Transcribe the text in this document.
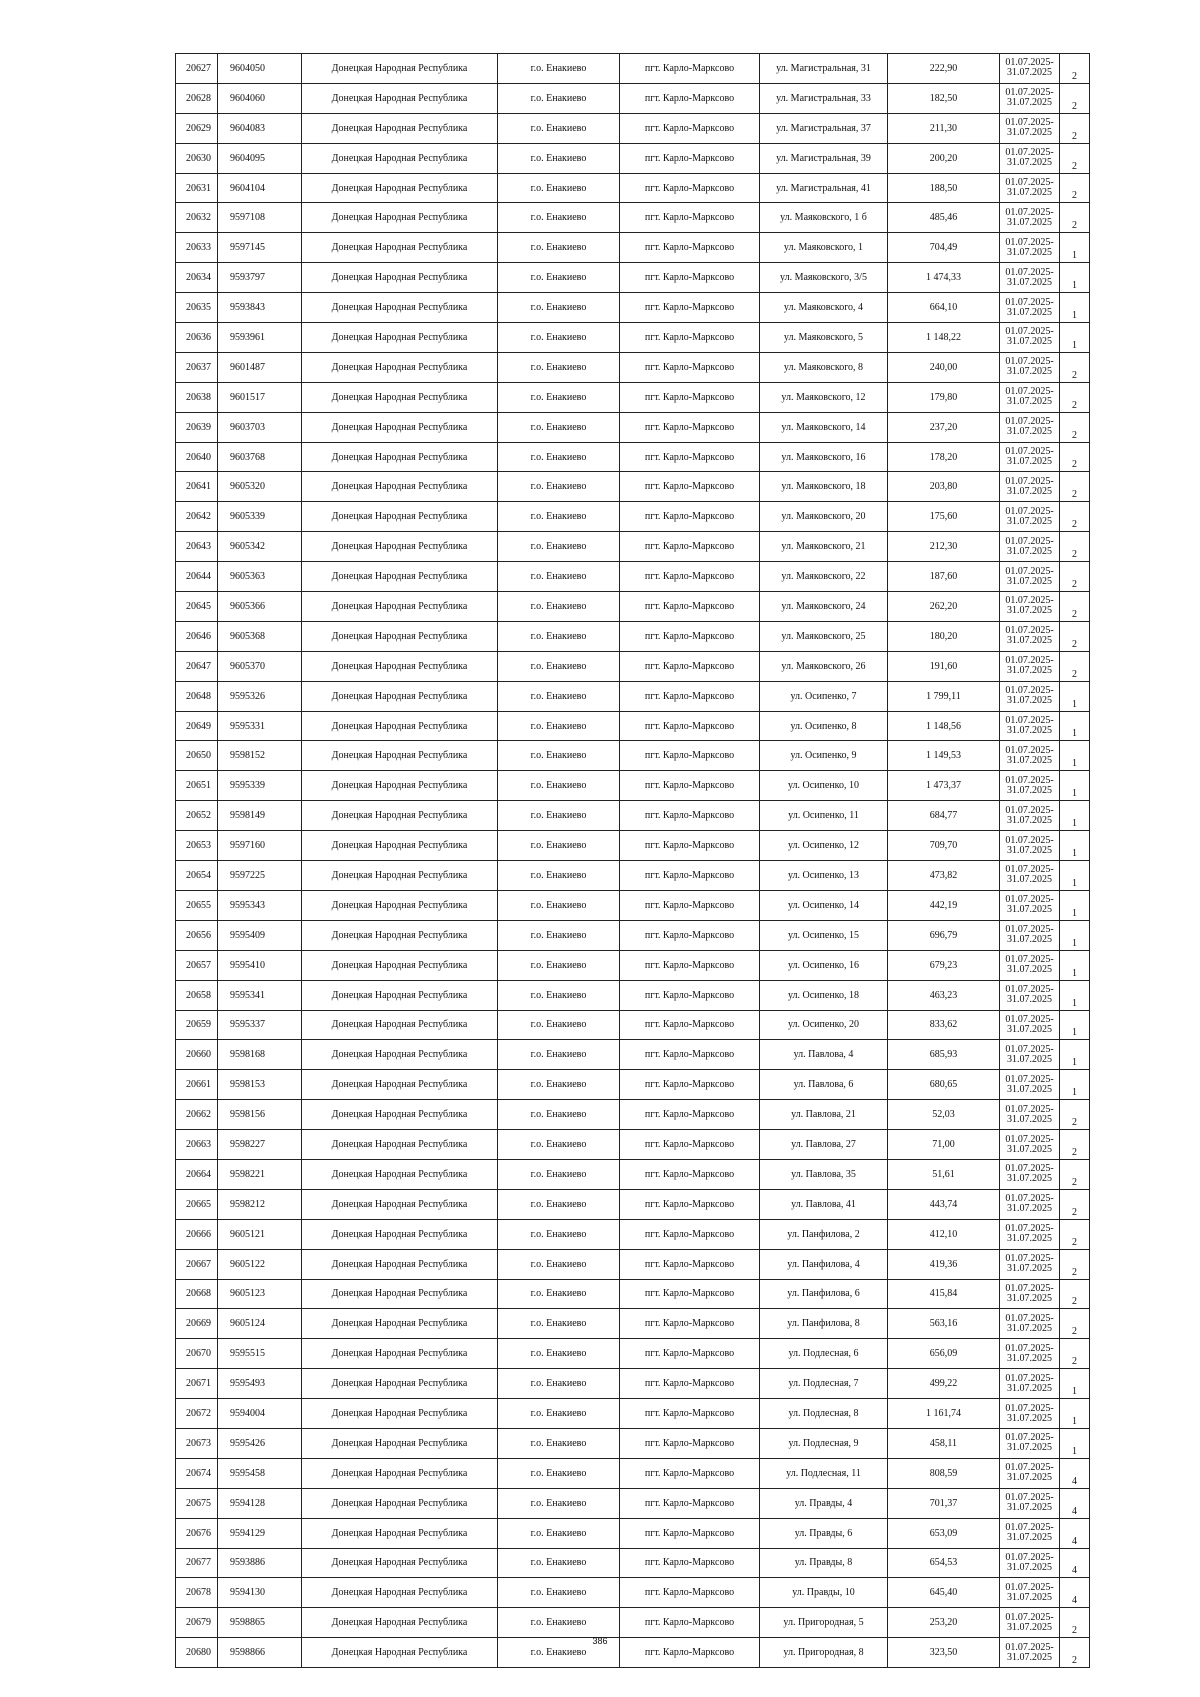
20627	9604050	Донецкая Народная Республика	г.о. Енакиево	пгт. Карло-Марксово	ул. Магистральная, 31	222,90	01.07.2025-
31.07.2025	2
20628	9604060	Донецкая Народная Республика	г.о. Енакиево	пгт. Карло-Марксово	ул. Магистральная, 33	182,50	01.07.2025-
31.07.2025	2
20629	9604083	Донецкая Народная Республика	г.о. Енакиево	пгт. Карло-Марксово	ул. Магистральная, 37	211,30	01.07.2025-
31.07.2025	2
20630	9604095	Донецкая Народная Республика	г.о. Енакиево	пгт. Карло-Марксово	ул. Магистральная, 39	200,20	01.07.2025-
31.07.2025	2
20631	9604104	Донецкая Народная Республика	г.о. Енакиево	пгт. Карло-Марксово	ул. Магистральная, 41	188,50	01.07.2025-
31.07.2025	2
20632	9597108	Донецкая Народная Республика	г.о. Енакиево	пгт. Карло-Марксово	ул. Маяковского, 1 б	485,46	01.07.2025-
31.07.2025	2
20633	9597145	Донецкая Народная Республика	г.о. Енакиево	пгт. Карло-Марксово	ул. Маяковского, 1	704,49	01.07.2025-
31.07.2025	1
20634	9593797	Донецкая Народная Республика	г.о. Енакиево	пгт. Карло-Марксово	ул. Маяковского, 3/5	1 474,33	01.07.2025-
31.07.2025	1
20635	9593843	Донецкая Народная Республика	г.о. Енакиево	пгт. Карло-Марксово	ул. Маяковского, 4	664,10	01.07.2025-
31.07.2025	1
20636	9593961	Донецкая Народная Республика	г.о. Енакиево	пгт. Карло-Марксово	ул. Маяковского, 5	1 148,22	01.07.2025-
31.07.2025	1
20637	9601487	Донецкая Народная Республика	г.о. Енакиево	пгт. Карло-Марксово	ул. Маяковского, 8	240,00	01.07.2025-
31.07.2025	2
20638	9601517	Донецкая Народная Республика	г.о. Енакиево	пгт. Карло-Марксово	ул. Маяковского, 12	179,80	01.07.2025-
31.07.2025	2
20639	9603703	Донецкая Народная Республика	г.о. Енакиево	пгт. Карло-Марксово	ул. Маяковского, 14	237,20	01.07.2025-
31.07.2025	2
20640	9603768	Донецкая Народная Республика	г.о. Енакиево	пгт. Карло-Марксово	ул. Маяковского, 16	178,20	01.07.2025-
31.07.2025	2
20641	9605320	Донецкая Народная Республика	г.о. Енакиево	пгт. Карло-Марксово	ул. Маяковского, 18	203,80	01.07.2025-
31.07.2025	2
20642	9605339	Донецкая Народная Республика	г.о. Енакиево	пгт. Карло-Марксово	ул. Маяковского, 20	175,60	01.07.2025-
31.07.2025	2
20643	9605342	Донецкая Народная Республика	г.о. Енакиево	пгт. Карло-Марксово	ул. Маяковского, 21	212,30	01.07.2025-
31.07.2025	2
20644	9605363	Донецкая Народная Республика	г.о. Енакиево	пгт. Карло-Марксово	ул. Маяковского, 22	187,60	01.07.2025-
31.07.2025	2
20645	9605366	Донецкая Народная Республика	г.о. Енакиево	пгт. Карло-Марксово	ул. Маяковского, 24	262,20	01.07.2025-
31.07.2025	2
20646	9605368	Донецкая Народная Республика	г.о. Енакиево	пгт. Карло-Марксово	ул. Маяковского, 25	180,20	01.07.2025-
31.07.2025	2
20647	9605370	Донецкая Народная Республика	г.о. Енакиево	пгт. Карло-Марксово	ул. Маяковского, 26	191,60	01.07.2025-
31.07.2025	2
20648	9595326	Донецкая Народная Республика	г.о. Енакиево	пгт. Карло-Марксово	ул. Осипенко, 7	1 799,11	01.07.2025-
31.07.2025	1
20649	9595331	Донецкая Народная Республика	г.о. Енакиево	пгт. Карло-Марксово	ул. Осипенко, 8	1 148,56	01.07.2025-
31.07.2025	1
20650	9598152	Донецкая Народная Республика	г.о. Енакиево	пгт. Карло-Марксово	ул. Осипенко, 9	1 149,53	01.07.2025-
31.07.2025	1
20651	9595339	Донецкая Народная Республика	г.о. Енакиево	пгт. Карло-Марксово	ул. Осипенко, 10	1 473,37	01.07.2025-
31.07.2025	1
20652	9598149	Донецкая Народная Республика	г.о. Енакиево	пгт. Карло-Марксово	ул. Осипенко, 11	684,77	01.07.2025-
31.07.2025	1
20653	9597160	Донецкая Народная Республика	г.о. Енакиево	пгт. Карло-Марксово	ул. Осипенко, 12	709,70	01.07.2025-
31.07.2025	1
20654	9597225	Донецкая Народная Республика	г.о. Енакиево	пгт. Карло-Марксово	ул. Осипенко, 13	473,82	01.07.2025-
31.07.2025	1
20655	9595343	Донецкая Народная Республика	г.о. Енакиево	пгт. Карло-Марксово	ул. Осипенко, 14	442,19	01.07.2025-
31.07.2025	1
20656	9595409	Донецкая Народная Республика	г.о. Енакиево	пгт. Карло-Марксово	ул. Осипенко, 15	696,79	01.07.2025-
31.07.2025	1
20657	9595410	Донецкая Народная Республика	г.о. Енакиево	пгт. Карло-Марксово	ул. Осипенко, 16	679,23	01.07.2025-
31.07.2025	1
20658	9595341	Донецкая Народная Республика	г.о. Енакиево	пгт. Карло-Марксово	ул. Осипенко, 18	463,23	01.07.2025-
31.07.2025	1
20659	9595337	Донецкая Народная Республика	г.о. Енакиево	пгт. Карло-Марксово	ул. Осипенко, 20	833,62	01.07.2025-
31.07.2025	1
20660	9598168	Донецкая Народная Республика	г.о. Енакиево	пгт. Карло-Марксово	ул. Павлова, 4	685,93	01.07.2025-
31.07.2025	1
20661	9598153	Донецкая Народная Республика	г.о. Енакиево	пгт. Карло-Марксово	ул. Павлова, 6	680,65	01.07.2025-
31.07.2025	1
20662	9598156	Донецкая Народная Республика	г.о. Енакиево	пгт. Карло-Марксово	ул. Павлова, 21	52,03	01.07.2025-
31.07.2025	2
20663	9598227	Донецкая Народная Республика	г.о. Енакиево	пгт. Карло-Марксово	ул. Павлова, 27	71,00	01.07.2025-
31.07.2025	2
20664	9598221	Донецкая Народная Республика	г.о. Енакиево	пгт. Карло-Марксово	ул. Павлова, 35	51,61	01.07.2025-
31.07.2025	2
20665	9598212	Донецкая Народная Республика	г.о. Енакиево	пгт. Карло-Марксово	ул. Павлова, 41	443,74	01.07.2025-
31.07.2025	2
20666	9605121	Донецкая Народная Республика	г.о. Енакиево	пгт. Карло-Марксово	ул. Панфилова, 2	412,10	01.07.2025-
31.07.2025	2
20667	9605122	Донецкая Народная Республика	г.о. Енакиево	пгт. Карло-Марксово	ул. Панфилова, 4	419,36	01.07.2025-
31.07.2025	2
20668	9605123	Донецкая Народная Республика	г.о. Енакиево	пгт. Карло-Марксово	ул. Панфилова, 6	415,84	01.07.2025-
31.07.2025	2
20669	9605124	Донецкая Народная Республика	г.о. Енакиево	пгт. Карло-Марксово	ул. Панфилова, 8	563,16	01.07.2025-
31.07.2025	2
20670	9595515	Донецкая Народная Республика	г.о. Енакиево	пгт. Карло-Марксово	ул. Подлесная, 6	656,09	01.07.2025-
31.07.2025	2
20671	9595493	Донецкая Народная Республика	г.о. Енакиево	пгт. Карло-Марксово	ул. Подлесная, 7	499,22	01.07.2025-
31.07.2025	1
20672	9594004	Донецкая Народная Республика	г.о. Енакиево	пгт. Карло-Марксово	ул. Подлесная, 8	1 161,74	01.07.2025-
31.07.2025	1
20673	9595426	Донецкая Народная Республика	г.о. Енакиево	пгт. Карло-Марксово	ул. Подлесная, 9	458,11	01.07.2025-
31.07.2025	1
20674	9595458	Донецкая Народная Республика	г.о. Енакиево	пгт. Карло-Марксово	ул. Подлесная, 11	808,59	01.07.2025-
31.07.2025	4
20675	9594128	Донецкая Народная Республика	г.о. Енакиево	пгт. Карло-Марксово	ул. Правды, 4	701,37	01.07.2025-
31.07.2025	4
20676	9594129	Донецкая Народная Республика	г.о. Енакиево	пгт. Карло-Марксово	ул. Правды, 6	653,09	01.07.2025-
31.07.2025	4
20677	9593886	Донецкая Народная Республика	г.о. Енакиево	пгт. Карло-Марксово	ул. Правды, 8	654,53	01.07.2025-
31.07.2025	4
20678	9594130	Донецкая Народная Республика	г.о. Енакиево	пгт. Карло-Марксово	ул. Правды, 10	645,40	01.07.2025-
31.07.2025	4
20679	9598865	Донецкая Народная Республика	г.о. Енакиево	пгт. Карло-Марксово	ул. Пригородная, 5	253,20	01.07.2025-
31.07.2025	2
20680	9598866	Донецкая Народная Республика	г.о. Енакиево	пгт. Карло-Марксово	ул. Пригородная, 8	323,50	01.07.2025-
31.07.2025	2
386
